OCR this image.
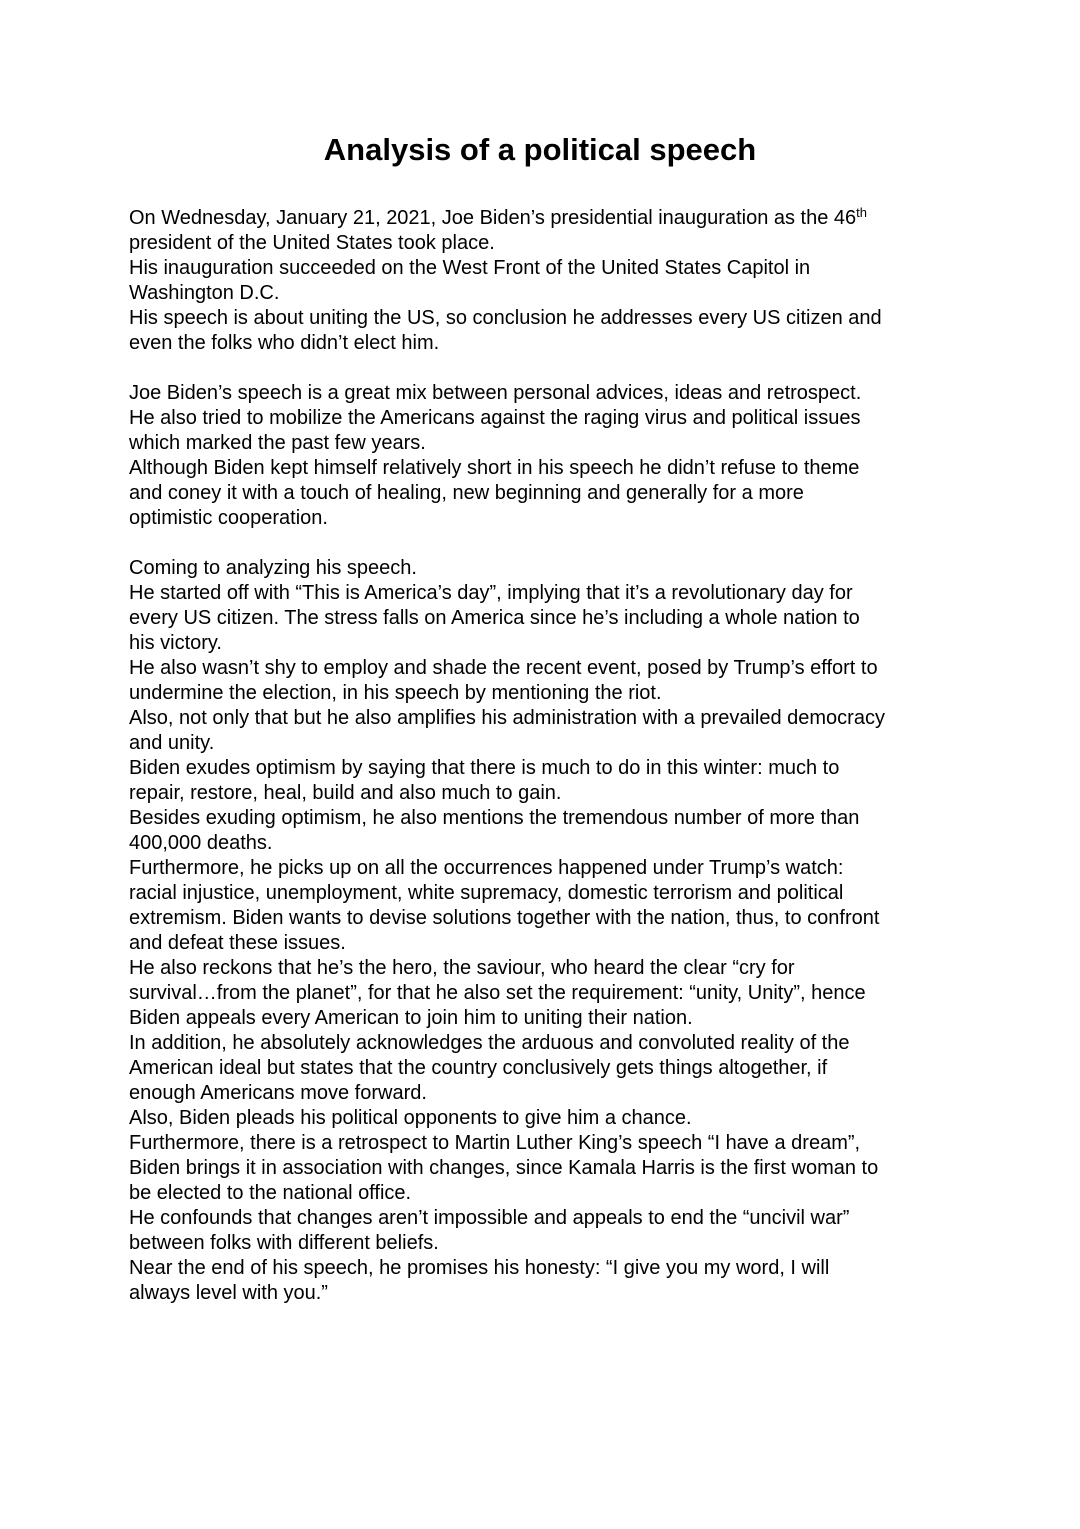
Analysis of a political speech
On Wednesday, January 21, 2021, Joe Biden’s presidential inauguration as the 46th
president of the United States took place.
His inauguration succeeded on the West Front of the United States Capitol in
Washington D.C.
His speech is about uniting the US, so conclusion he addresses every US citizen and
even the folks who didn’t elect him.
Joe Biden’s speech is a great mix between personal advices, ideas and retrospect.
He also tried to mobilize the Americans against the raging virus and political issues
which marked the past few years.
Although Biden kept himself relatively short in his speech he didn’t refuse to theme
and coney it with a touch of healing, new beginning and generally for a more
optimistic cooperation.
Coming to analyzing his speech.
He started off with “This is America’s day”, implying that it’s a revolutionary day for
every US citizen. The stress falls on America since he’s including a whole nation to
his victory.
He also wasn’t shy to employ and shade the recent event, posed by Trump’s effort to
undermine the election, in his speech by mentioning the riot.
Also, not only that but he also amplifies his administration with a prevailed democracy
and unity.
Biden exudes optimism by saying that there is much to do in this winter: much to
repair, restore, heal, build and also much to gain.
Besides exuding optimism, he also mentions the tremendous number of more than
400,000 deaths.
Furthermore, he picks up on all the occurrences happened under Trump’s watch:
racial injustice, unemployment, white supremacy, domestic terrorism and political
extremism. Biden wants to devise solutions together with the nation, thus, to confront
and defeat these issues.
He also reckons that he’s the hero, the saviour, who heard the clear “cry for
survival…from the planet”, for that he also set the requirement: “unity, Unity”, hence
Biden appeals every American to join him to uniting their nation.
In addition, he absolutely acknowledges the arduous and convoluted reality of the
American ideal but states that the country conclusively gets things altogether, if
enough Americans move forward.
Also, Biden pleads his political opponents to give him a chance.
Furthermore, there is a retrospect to Martin Luther King’s speech “I have a dream”,
Biden brings it in association with changes, since Kamala Harris is the first woman to
be elected to the national office.
He confounds that changes aren’t impossible and appeals to end the “uncivil war”
between folks with different beliefs.
Near the end of his speech, he promises his honesty: “I give you my word, I will
always level with you.”
